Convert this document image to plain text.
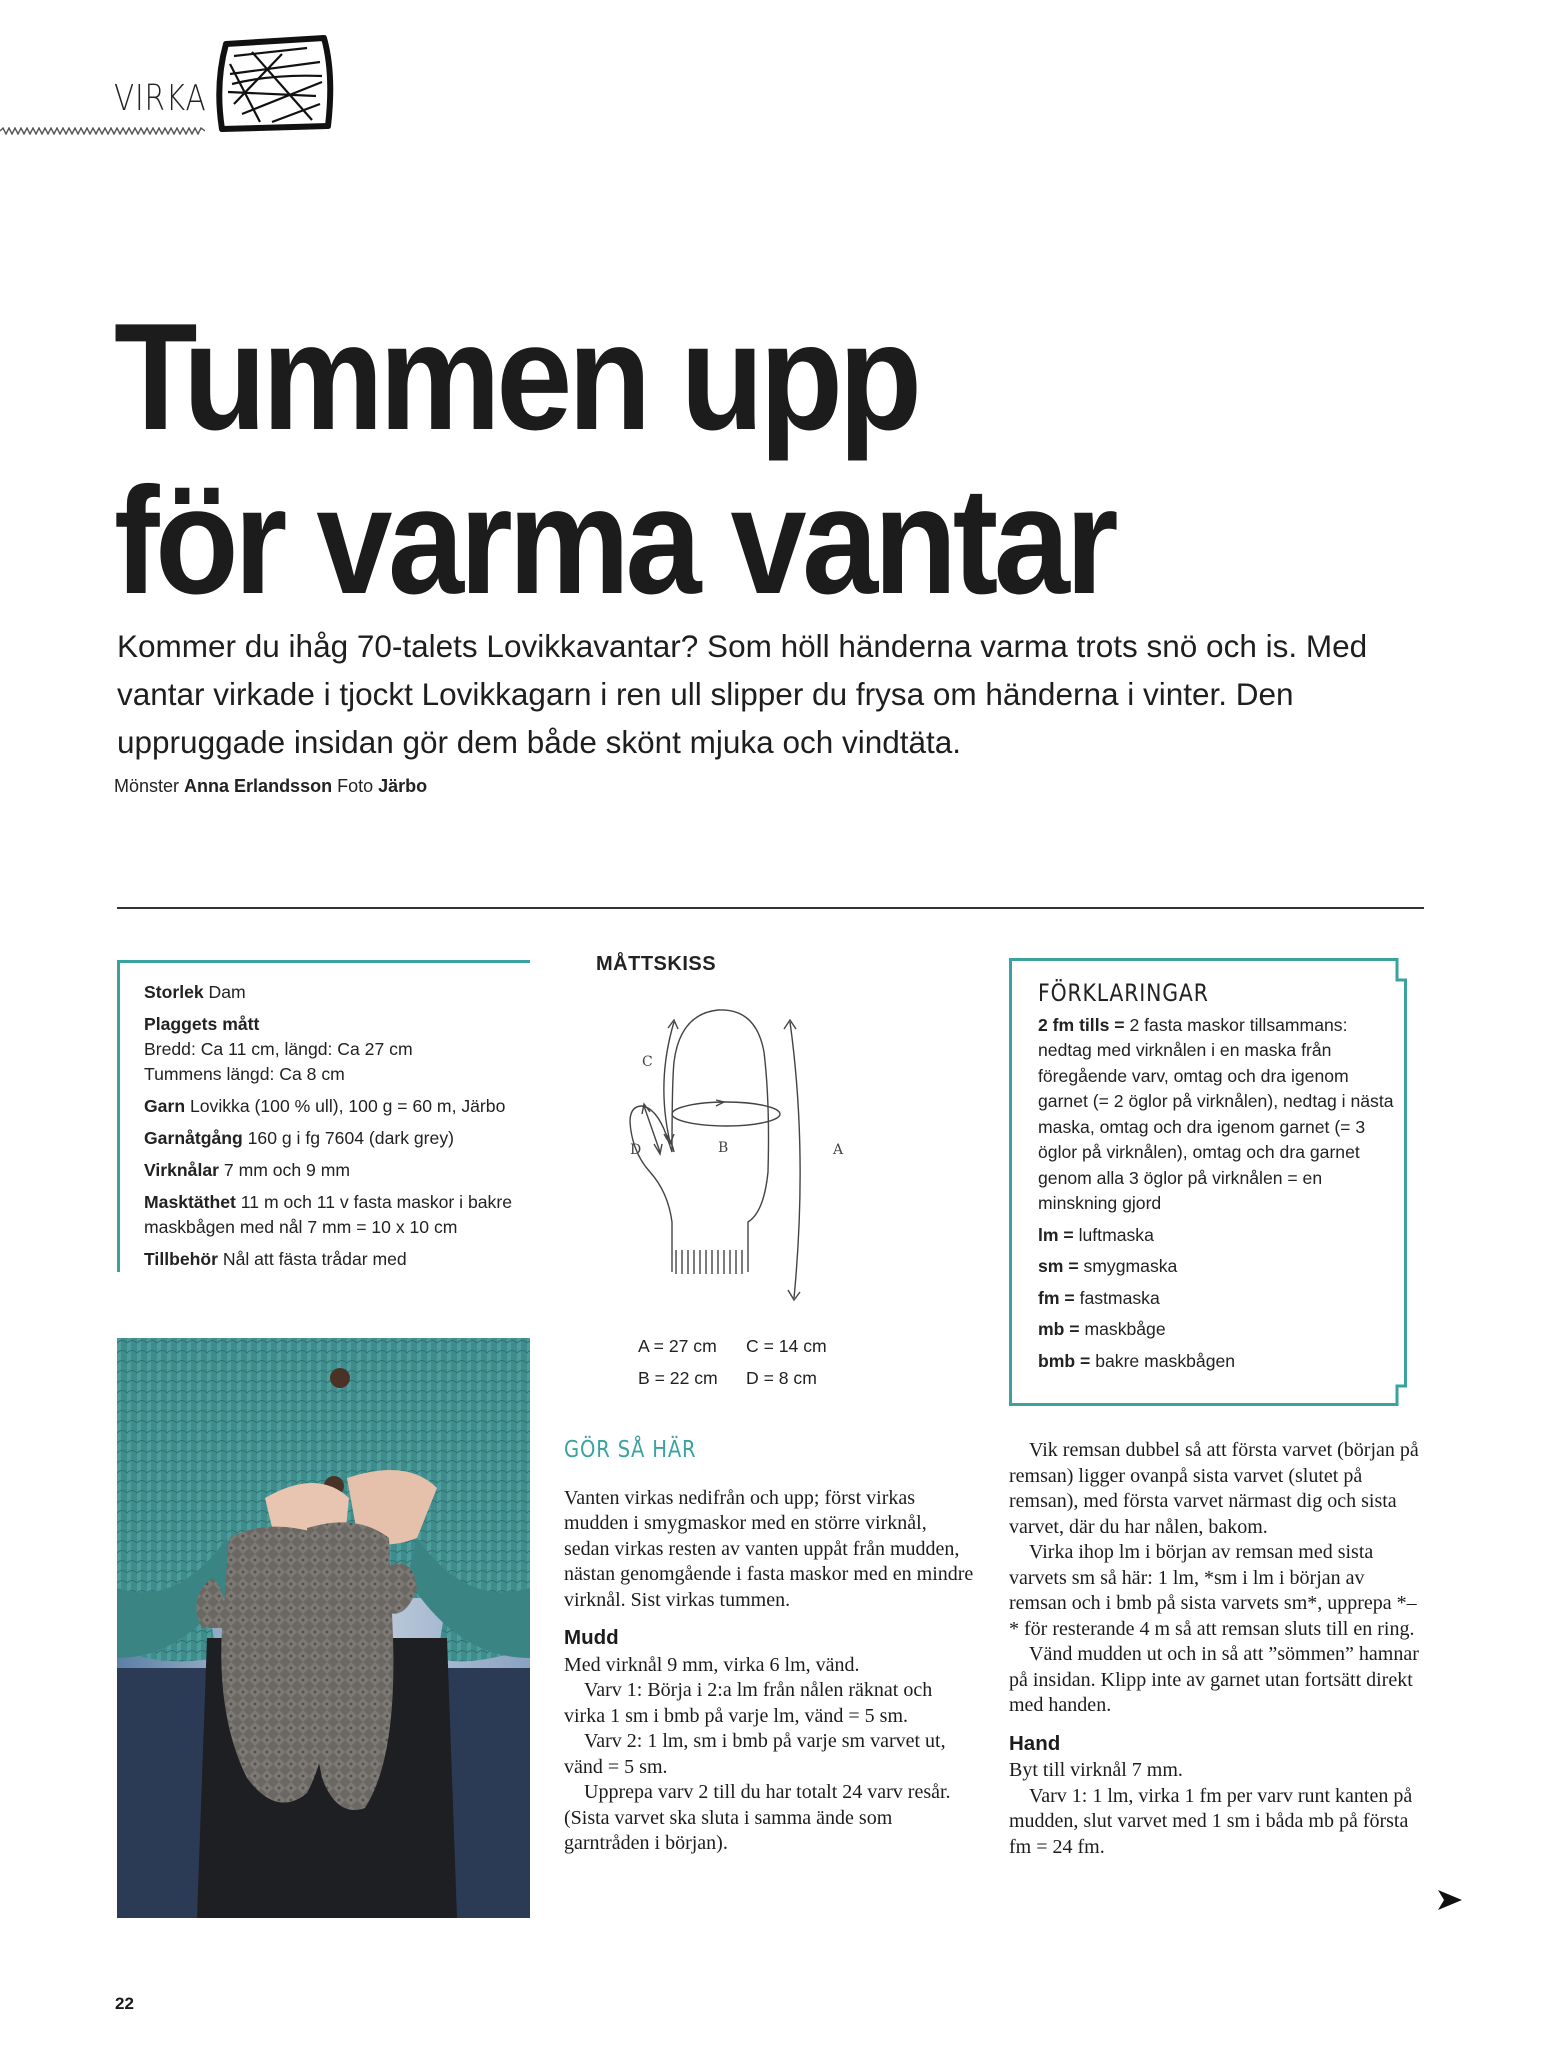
VIRKA
Tummen upp
för varma vantar
Kommer du ihåg 70-talets Lovikkavantar? Som höll händerna varma trots snö och is. Med vantar virkade i tjockt Lovikkagarn i ren ull slipper du frysa om händerna i vinter. Den uppruggade insidan gör dem både skönt mjuka och vindtäta.
Mönster Anna Erlandsson Foto Järbo

Storlek Dam

Plaggets mått
Bredd: Ca 11 cm, längd: Ca 27 cm
Tummens längd: Ca 8 cm

Garn Lovikka (100 % ull), 100 g = 60 m, Järbo

Garnåtgång 160 g i fg 7604 (dark grey)

Virknålar 7 mm och 9 mm

Masktäthet 11 m och 11 v fasta maskor i bakre maskbågen med nål 7 mm = 10 x 10 cm

Tillbehör Nål att fästa trådar med

MÅTTSKISS
C
D	B	A
A = 27 cm C = 14 cm
B = 22 cm D = 8 cm
FÖRKLARINGAR

2 fm tills = 2 fasta maskor tillsammans: nedtag med virknålen i en maska från föregående varv, omtag och dra igenom garnet (= 2 öglor på virknålen), nedtag i nästa maska, omtag och dra igenom garnet (= 3 öglor på virknålen), omtag och dra garnet genom alla 3 öglor på virknålen = en minskning gjord

lm = luftmaska

sm = smygmaska

fm = fastmaska

mb = maskbåge

bmb = bakre maskbågen

GÖR SÅ HÄR

Vanten virkas nedifrån och upp; först virkas mudden i smygmaskor med en större virknål, sedan virkas resten av vanten uppåt från mudden, nästan genomgående i fasta maskor med en mindre virknål. Sist virkas tummen.

Mudd

Med virknål 9 mm, virka 6 lm, vänd.

Varv 1: Börja i 2:a lm från nålen räknat och virka 1 sm i bmb på varje lm, vänd = 5 sm.

Varv 2: 1 lm, sm i bmb på varje sm varvet ut, vänd = 5 sm.

Upprepa varv 2 till du har totalt 24 varv resår. (Sista varvet ska sluta i samma ände som garntråden i början).

Vik remsan dubbel så att första varvet (början på remsan) ligger ovanpå sista varvet (slutet på remsan), med första varvet närmast dig och sista varvet, där du har nålen, bakom.

Virka ihop lm i början av remsan med sista varvets sm så här: 1 lm, *sm i lm i början av remsan och i bmb på sista varvets sm*, upprepa *–* för resterande 4 m så att remsan sluts till en ring.

Vänd mudden ut och in så att ”sömmen” hamnar på insidan. Klipp inte av garnet utan fortsätt direkt med handen.

Hand

Byt till virknål 7 mm.

Varv 1: 1 lm, virka 1 fm per varv runt kanten på mudden, slut varvet med 1 sm i båda mb på första fm = 24 fm.

22
